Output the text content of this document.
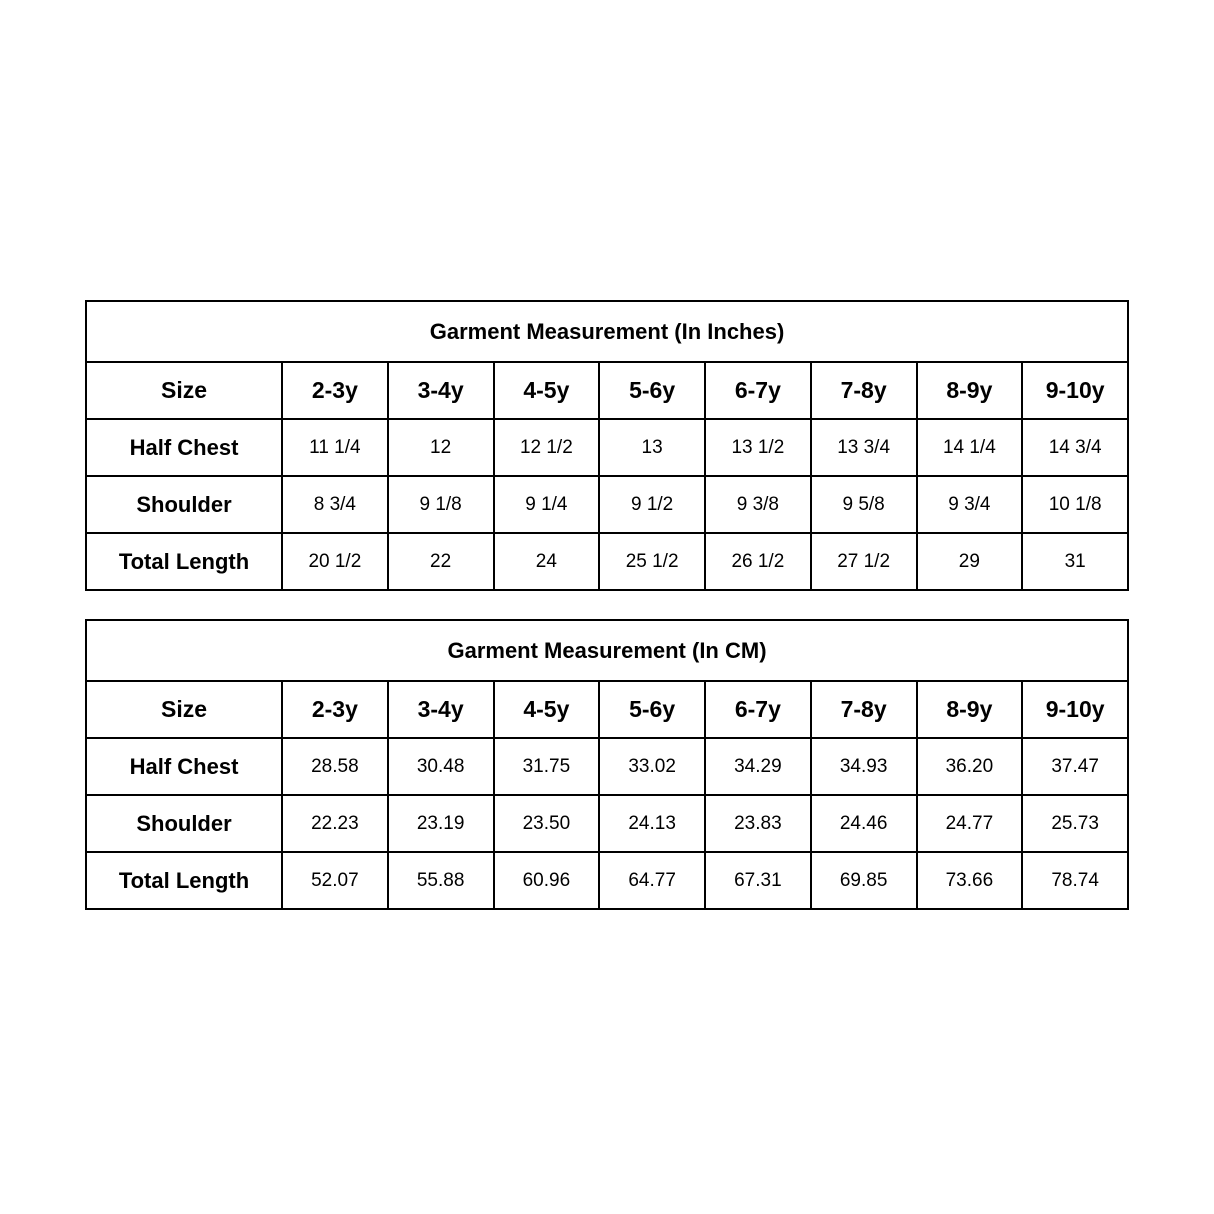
Garment Measurement (In Inches)								
Size	2-3y	3-4y	4-5y	5-6y	6-7y	7-8y	8-9y	9-10y
Half Chest	11 1/4	12	12 1/2	13	13 1/2	13 3/4	14 1/4	14 3/4
Shoulder	8 3/4	9 1/8	9 1/4	9 1/2	9 3/8	9 5/8	9 3/4	10 1/8
Total Length	20 1/2	22	24	25 1/2	26 1/2	27 1/2	29	31
Garment Measurement (In CM)								
Size	2-3y	3-4y	4-5y	5-6y	6-7y	7-8y	8-9y	9-10y
Half Chest	28.58	30.48	31.75	33.02	34.29	34.93	36.20	37.47
Shoulder	22.23	23.19	23.50	24.13	23.83	24.46	24.77	25.73
Total Length	52.07	55.88	60.96	64.77	67.31	69.85	73.66	78.74
